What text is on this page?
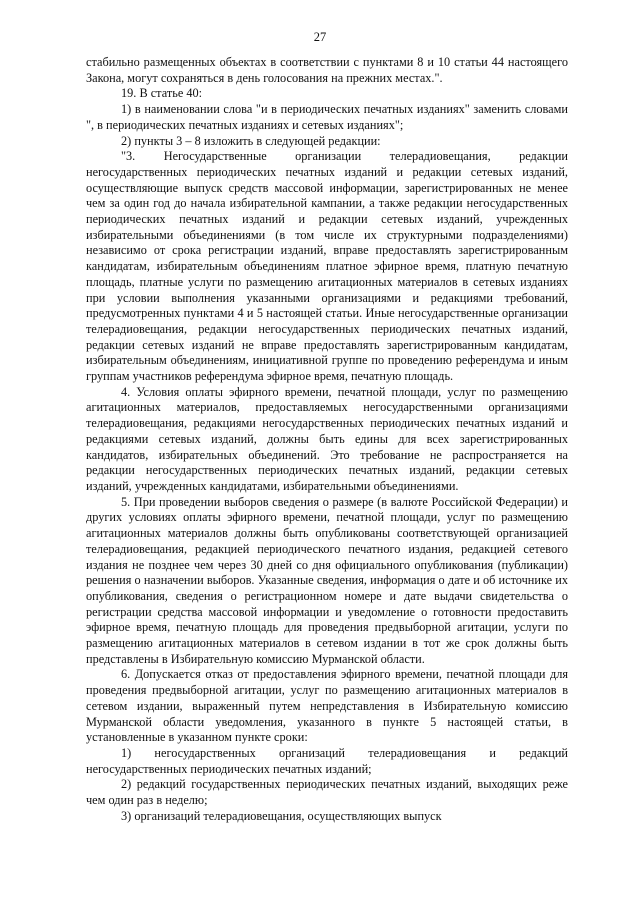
27

стабильно размещенных объектах в соответствии с пунктами 8 и 10 статьи 44 настоящего Закона, могут сохраняться в день голосования на прежних местах.".

19. В статье 40:

1) в наименовании слова "и в периодических печатных изданиях" заменить словами ", в периодических печатных изданиях и сетевых изданиях";

2) пункты 3 – 8 изложить в следующей редакции:

"3. Негосударственные организации телерадиовещания, редакции негосударственных периодических печатных изданий и редакции сетевых изданий, осуществляющие выпуск средств массовой информации, зарегистрированных не менее чем за один год до начала избирательной кампании, а также редакции негосударственных периодических печатных изданий и редакции сетевых изданий, учрежденных избирательными объединениями (в том числе их структурными подразделениями) независимо от срока регистрации изданий, вправе предоставлять зарегистрированным кандидатам, избирательным объединениям платное эфирное время, платную печатную площадь, платные услуги по размещению агитационных материалов в сетевых изданиях при условии выполнения указанными организациями и редакциями требований, предусмотренных пунктами 4 и 5 настоящей статьи. Иные негосударственные организации телерадиовещания, редакции негосударственных периодических печатных изданий, редакции сетевых изданий не вправе предоставлять зарегистрированным кандидатам, избирательным объединениям, инициативной группе по проведению референдума и иным группам участников референдума эфирное время, печатную площадь.

4. Условия оплаты эфирного времени, печатной площади, услуг по размещению агитационных материалов, предоставляемых негосударственными организациями телерадиовещания, редакциями негосударственных периодических печатных изданий и редакциями сетевых изданий, должны быть едины для всех зарегистрированных кандидатов, избирательных объединений. Это требование не распространяется на редакции негосударственных периодических печатных изданий, редакции сетевых изданий, учрежденных кандидатами, избирательными объединениями.

5. При проведении выборов сведения о размере (в валюте Российской Федерации) и других условиях оплаты эфирного времени, печатной площади, услуг по размещению агитационных материалов должны быть опубликованы соответствующей организацией телерадиовещания, редакцией периодического печатного издания, редакцией сетевого издания не позднее чем через 30 дней со дня официального опубликования (публикации) решения о назначении выборов. Указанные сведения, информация о дате и об источнике их опубликования, сведения о регистрационном номере и дате выдачи свидетельства о регистрации средства массовой информации и уведомление о готовности предоставить эфирное время, печатную площадь для проведения предвыборной агитации, услуги по размещению агитационных материалов в сетевом издании в тот же срок должны быть представлены в Избирательную комиссию Мурманской области.

6. Допускается отказ от предоставления эфирного времени, печатной площади для проведения предвыборной агитации, услуг по размещению агитационных материалов в сетевом издании, выраженный путем непредставления в Избирательную комиссию Мурманской области уведомления, указанного в пункте 5 настоящей статьи, в установленные в указанном пункте сроки:

1) негосударственных организаций телерадиовещания и редакций негосударственных периодических печатных изданий;

2) редакций государственных периодических печатных изданий, выходящих реже чем один раз в неделю;

3) организаций телерадиовещания, осуществляющих выпуск
